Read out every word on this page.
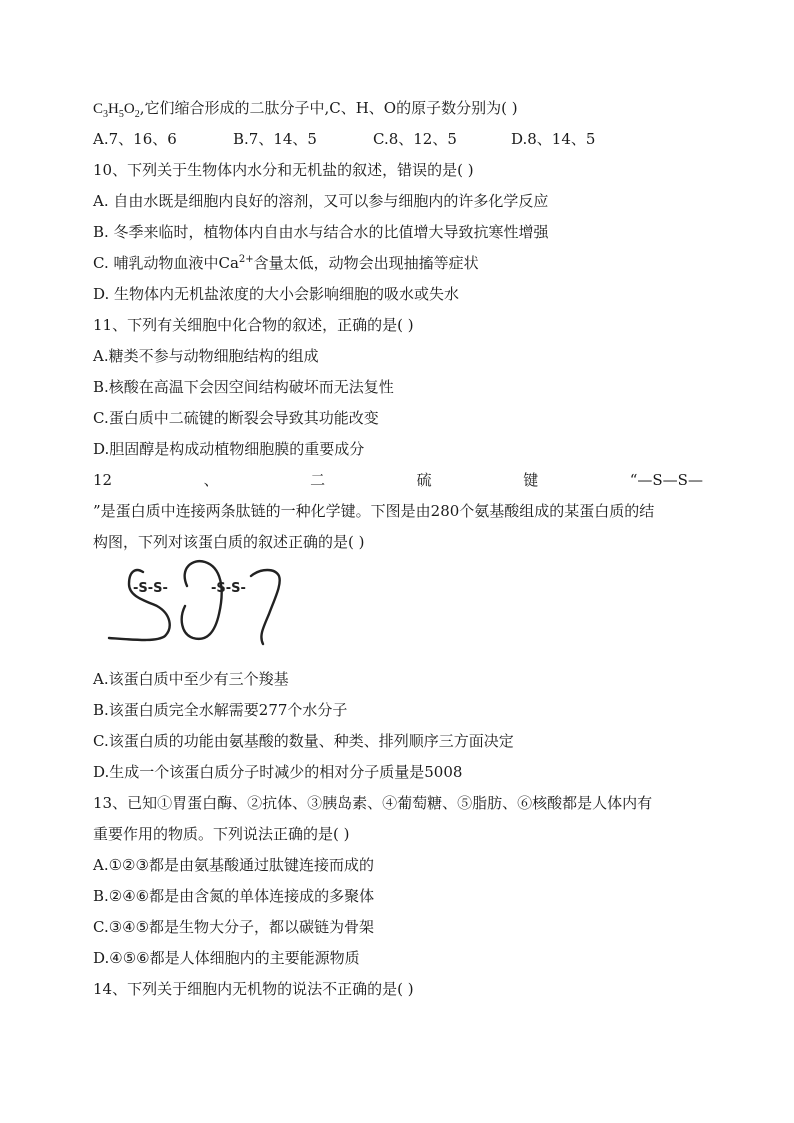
$C_3H_5O_2$,它们缩合形成的二肽分子中,C、H、O的原子数分别为( )
A.7、16、6	B.7、14、5	C.8、12、5	D.8、14、5
10、下列关于生物体内水分和无机盐的叙述，错误的是( )
A. 自由水既是细胞内良好的溶剂，又可以参与细胞内的许多化学反应
B. 冬季来临时，植物体内自由水与结合水的比值增大导致抗寒性增强
C. 哺乳动物血液中$Ca^{2+}$含量太低，动物会出现抽搐等症状
D. 生物体内无机盐浓度的大小会影响细胞的吸水或失水
11、下列有关细胞中化合物的叙述，正确的是( )
A.糖类不参与动物细胞结构的组成
B.核酸在高温下会因空间结构破坏而无法复性
C.蛋白质中二硫键的断裂会导致其功能改变
D.胆固醇是构成动植物细胞膜的重要成分
12	、	二	硫	键	“—S—S—
”是蛋白质中连接两条肽链的一种化学键。下图是由280个氨基酸组成的某蛋白质的结
构图，下列对该蛋白质的叙述正确的是( )
-S-S-	-S-S-
A.该蛋白质中至少有三个羧基
B.该蛋白质完全水解需要277个水分子
C.该蛋白质的功能由氨基酸的数量、种类、排列顺序三方面决定
D.生成一个该蛋白质分子时减少的相对分子质量是5008
13、已知①胃蛋白酶、②抗体、③胰岛素、④葡萄糖、⑤脂肪、⑥核酸都是人体内有
重要作用的物质。下列说法正确的是( )
A.①②③都是由氨基酸通过肽键连接而成的
B.②④⑥都是由含氮的单体连接成的多聚体
C.③④⑤都是生物大分子，都以碳链为骨架
D.④⑤⑥都是人体细胞内的主要能源物质
14、下列关于细胞内无机物的说法不正确的是( )
